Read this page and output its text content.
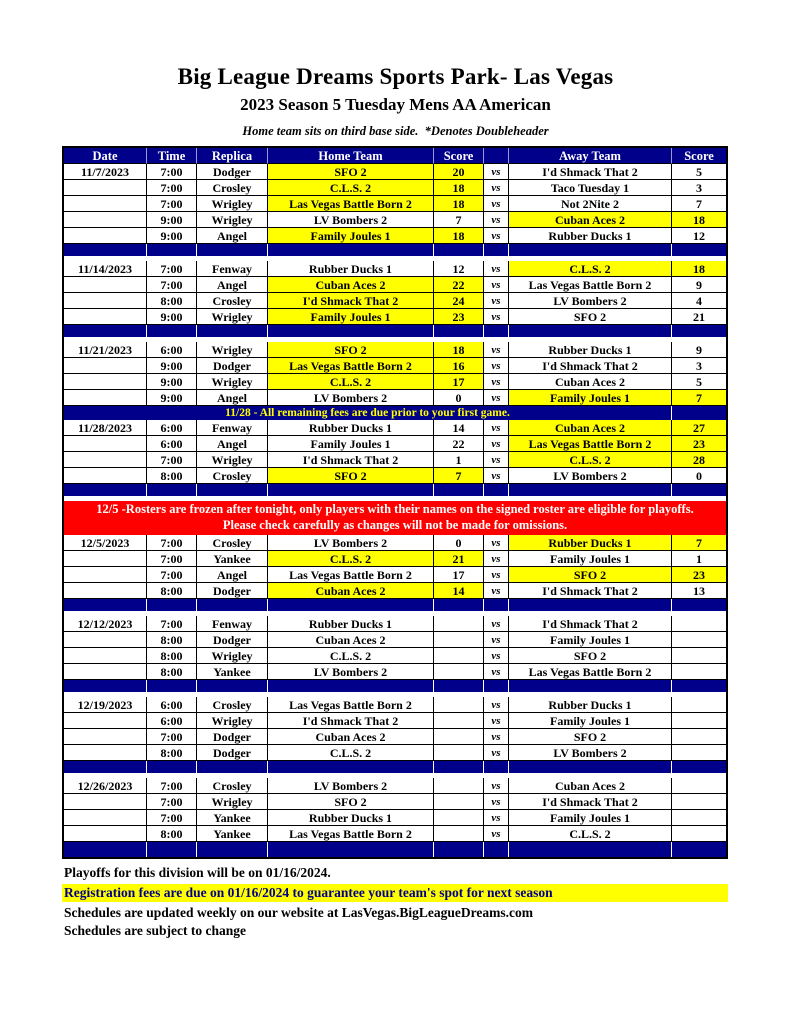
Big League Dreams Sports Park- Las Vegas
2023 Season 5 Tuesday Mens AA American
Home team sits on third base side.  *Denotes Doubleheader
Date	Time	Replica	Home Team	Score	Away Team	Score
11/7/2023	7:00	Dodger	SFO 2	20	vs	I'd Shmack That 2	5
7:00	Crosley	C.L.S. 2	18	vs	Taco Tuesday 1	3
7:00	Wrigley	Las Vegas Battle Born 2	18	vs	Not 2Nite 2	7
9:00	Wrigley	LV Bombers 2	7	vs	Cuban Aces 2	18
9:00	Angel	Family Joules 1	18	vs	Rubber Ducks 1	12
11/14/2023	7:00	Fenway	Rubber Ducks 1	12	vs	C.L.S. 2	18
7:00	Angel	Cuban Aces 2	22	vs	Las Vegas Battle Born 2	9
8:00	Crosley	I'd Shmack That 2	24	vs	LV Bombers 2	4
9:00	Wrigley	Family Joules 1	23	vs	SFO 2	21
11/21/2023	6:00	Wrigley	SFO 2	18	vs	Rubber Ducks 1	9
9:00	Dodger	Las Vegas Battle Born 2	16	vs	I'd Shmack That 2	3
9:00	Wrigley	C.L.S. 2	17	vs	Cuban Aces 2	5
9:00	Angel	LV Bombers 2	0	vs	Family Joules 1	7
11/28 - All remaining fees are due prior to your first game.
11/28/2023	6:00	Fenway	Rubber Ducks 1	14	vs	Cuban Aces 2	27
6:00	Angel	Family Joules 1	22	vs	Las Vegas Battle Born 2	23
7:00	Wrigley	I'd Shmack That 2	1	vs	C.L.S. 2	28
8:00	Crosley	SFO 2	7	vs	LV Bombers 2	0
12/5 -Rosters are frozen after tonight, only players with their names on the signed roster are eligible for playoffs.
Please check carefully as changes will not be made for omissions.
12/5/2023	7:00	Crosley	LV Bombers 2	0	vs	Rubber Ducks 1	7
7:00	Yankee	C.L.S. 2	21	vs	Family Joules 1	1
7:00	Angel	Las Vegas Battle Born 2	17	vs	SFO 2	23
8:00	Dodger	Cuban Aces 2	14	vs	I'd Shmack That 2	13
12/12/2023	7:00	Fenway	Rubber Ducks 1	vs	I'd Shmack That 2
8:00	Dodger	Cuban Aces 2	vs	Family Joules 1
8:00	Wrigley	C.L.S. 2	vs	SFO 2
8:00	Yankee	LV Bombers 2	vs	Las Vegas Battle Born 2
12/19/2023	6:00	Crosley	Las Vegas Battle Born 2	vs	Rubber Ducks 1
6:00	Wrigley	I'd Shmack That 2	vs	Family Joules 1
7:00	Dodger	Cuban Aces 2	vs	SFO 2
8:00	Dodger	C.L.S. 2	vs	LV Bombers 2
12/26/2023	7:00	Crosley	LV Bombers 2	vs	Cuban Aces 2
7:00	Wrigley	SFO 2	vs	I'd Shmack That 2
7:00	Yankee	Rubber Ducks 1	vs	Family Joules 1
8:00	Yankee	Las Vegas Battle Born 2	vs	C.L.S. 2
Playoffs for this division will be on 01/16/2024.
Registration fees are due on 01/16/2024 to guarantee your team's spot for next season
Schedules are updated weekly on our website at LasVegas.BigLeagueDreams.com
Schedules are subject to change
